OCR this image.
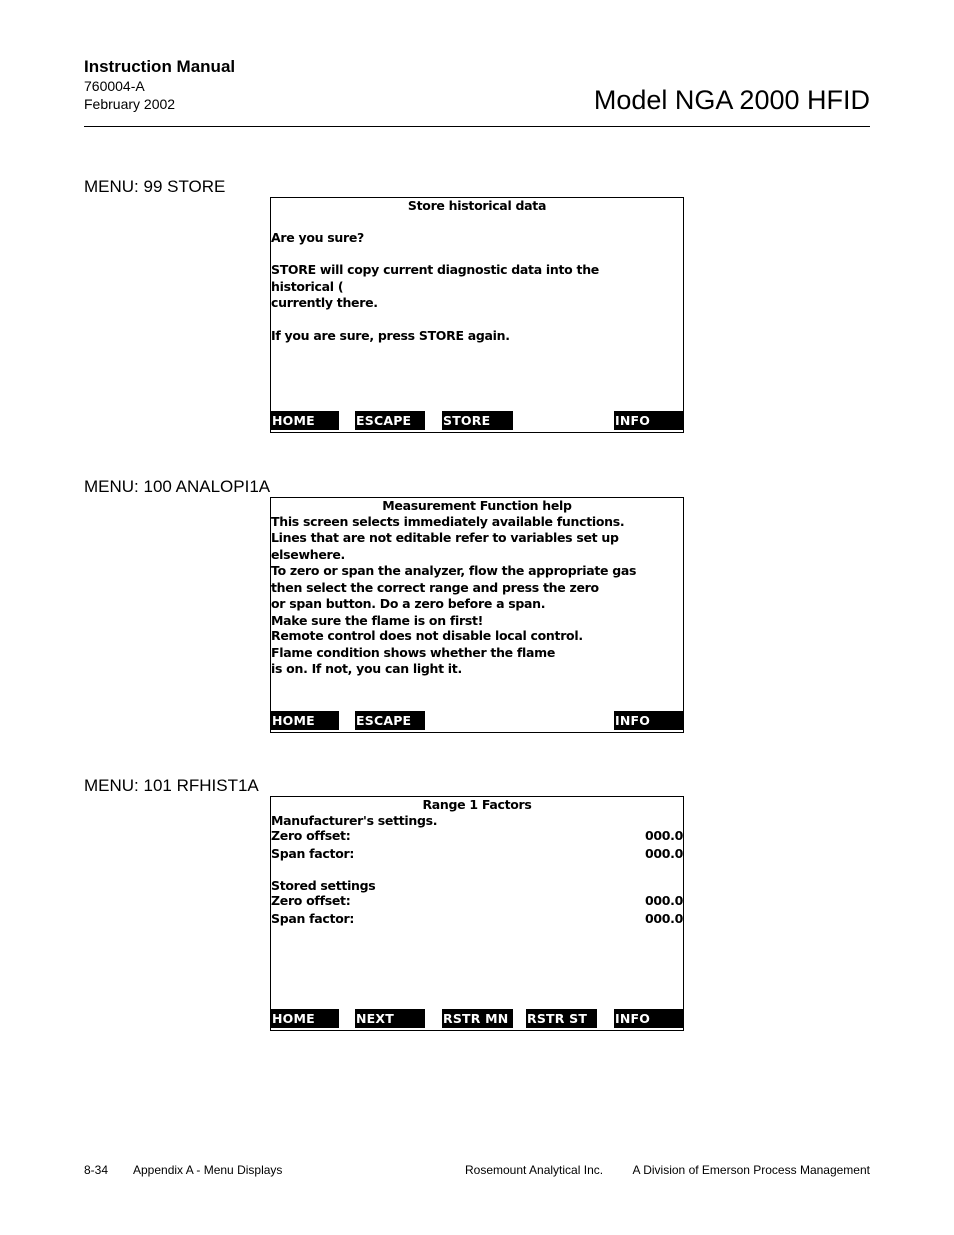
Instruction Manual
760004-A
February 2002	Model NGA 2000 HFID
MENU: 99 STORE
Store historical data
Are you sure?
STORE will copy current diagnostic data into the
historical (
currently there.
If you are sure, press STORE again.
HOME	ESCAPE	STORE	INFO
MENU: 100 ANALOPI1A
Measurement Function help
This screen selects immediately available functions.
Lines that are not editable refer to variables set up
elsewhere.
To zero or span the analyzer, flow the appropriate gas
then select the correct range and press the zero
or span button. Do a zero before a span.
Make sure the flame is on first!
Remote control does not disable local control.
Flame condition shows whether the flame
is on. If not, you can light it.
HOME	ESCAPE	INFO
MENU: 101 RFHIST1A
Range 1 Factors
Manufacturer's settings.
Zero offset:	000.0
Span factor:	000.0
Stored settings
Zero offset:	000.0
Span factor:	000.0
HOME	NEXT	RSTR MN	RSTR ST	INFO
8-34 Appendix A - Menu Displays	Rosemount Analytical Inc. A Division of Emerson Process Management
